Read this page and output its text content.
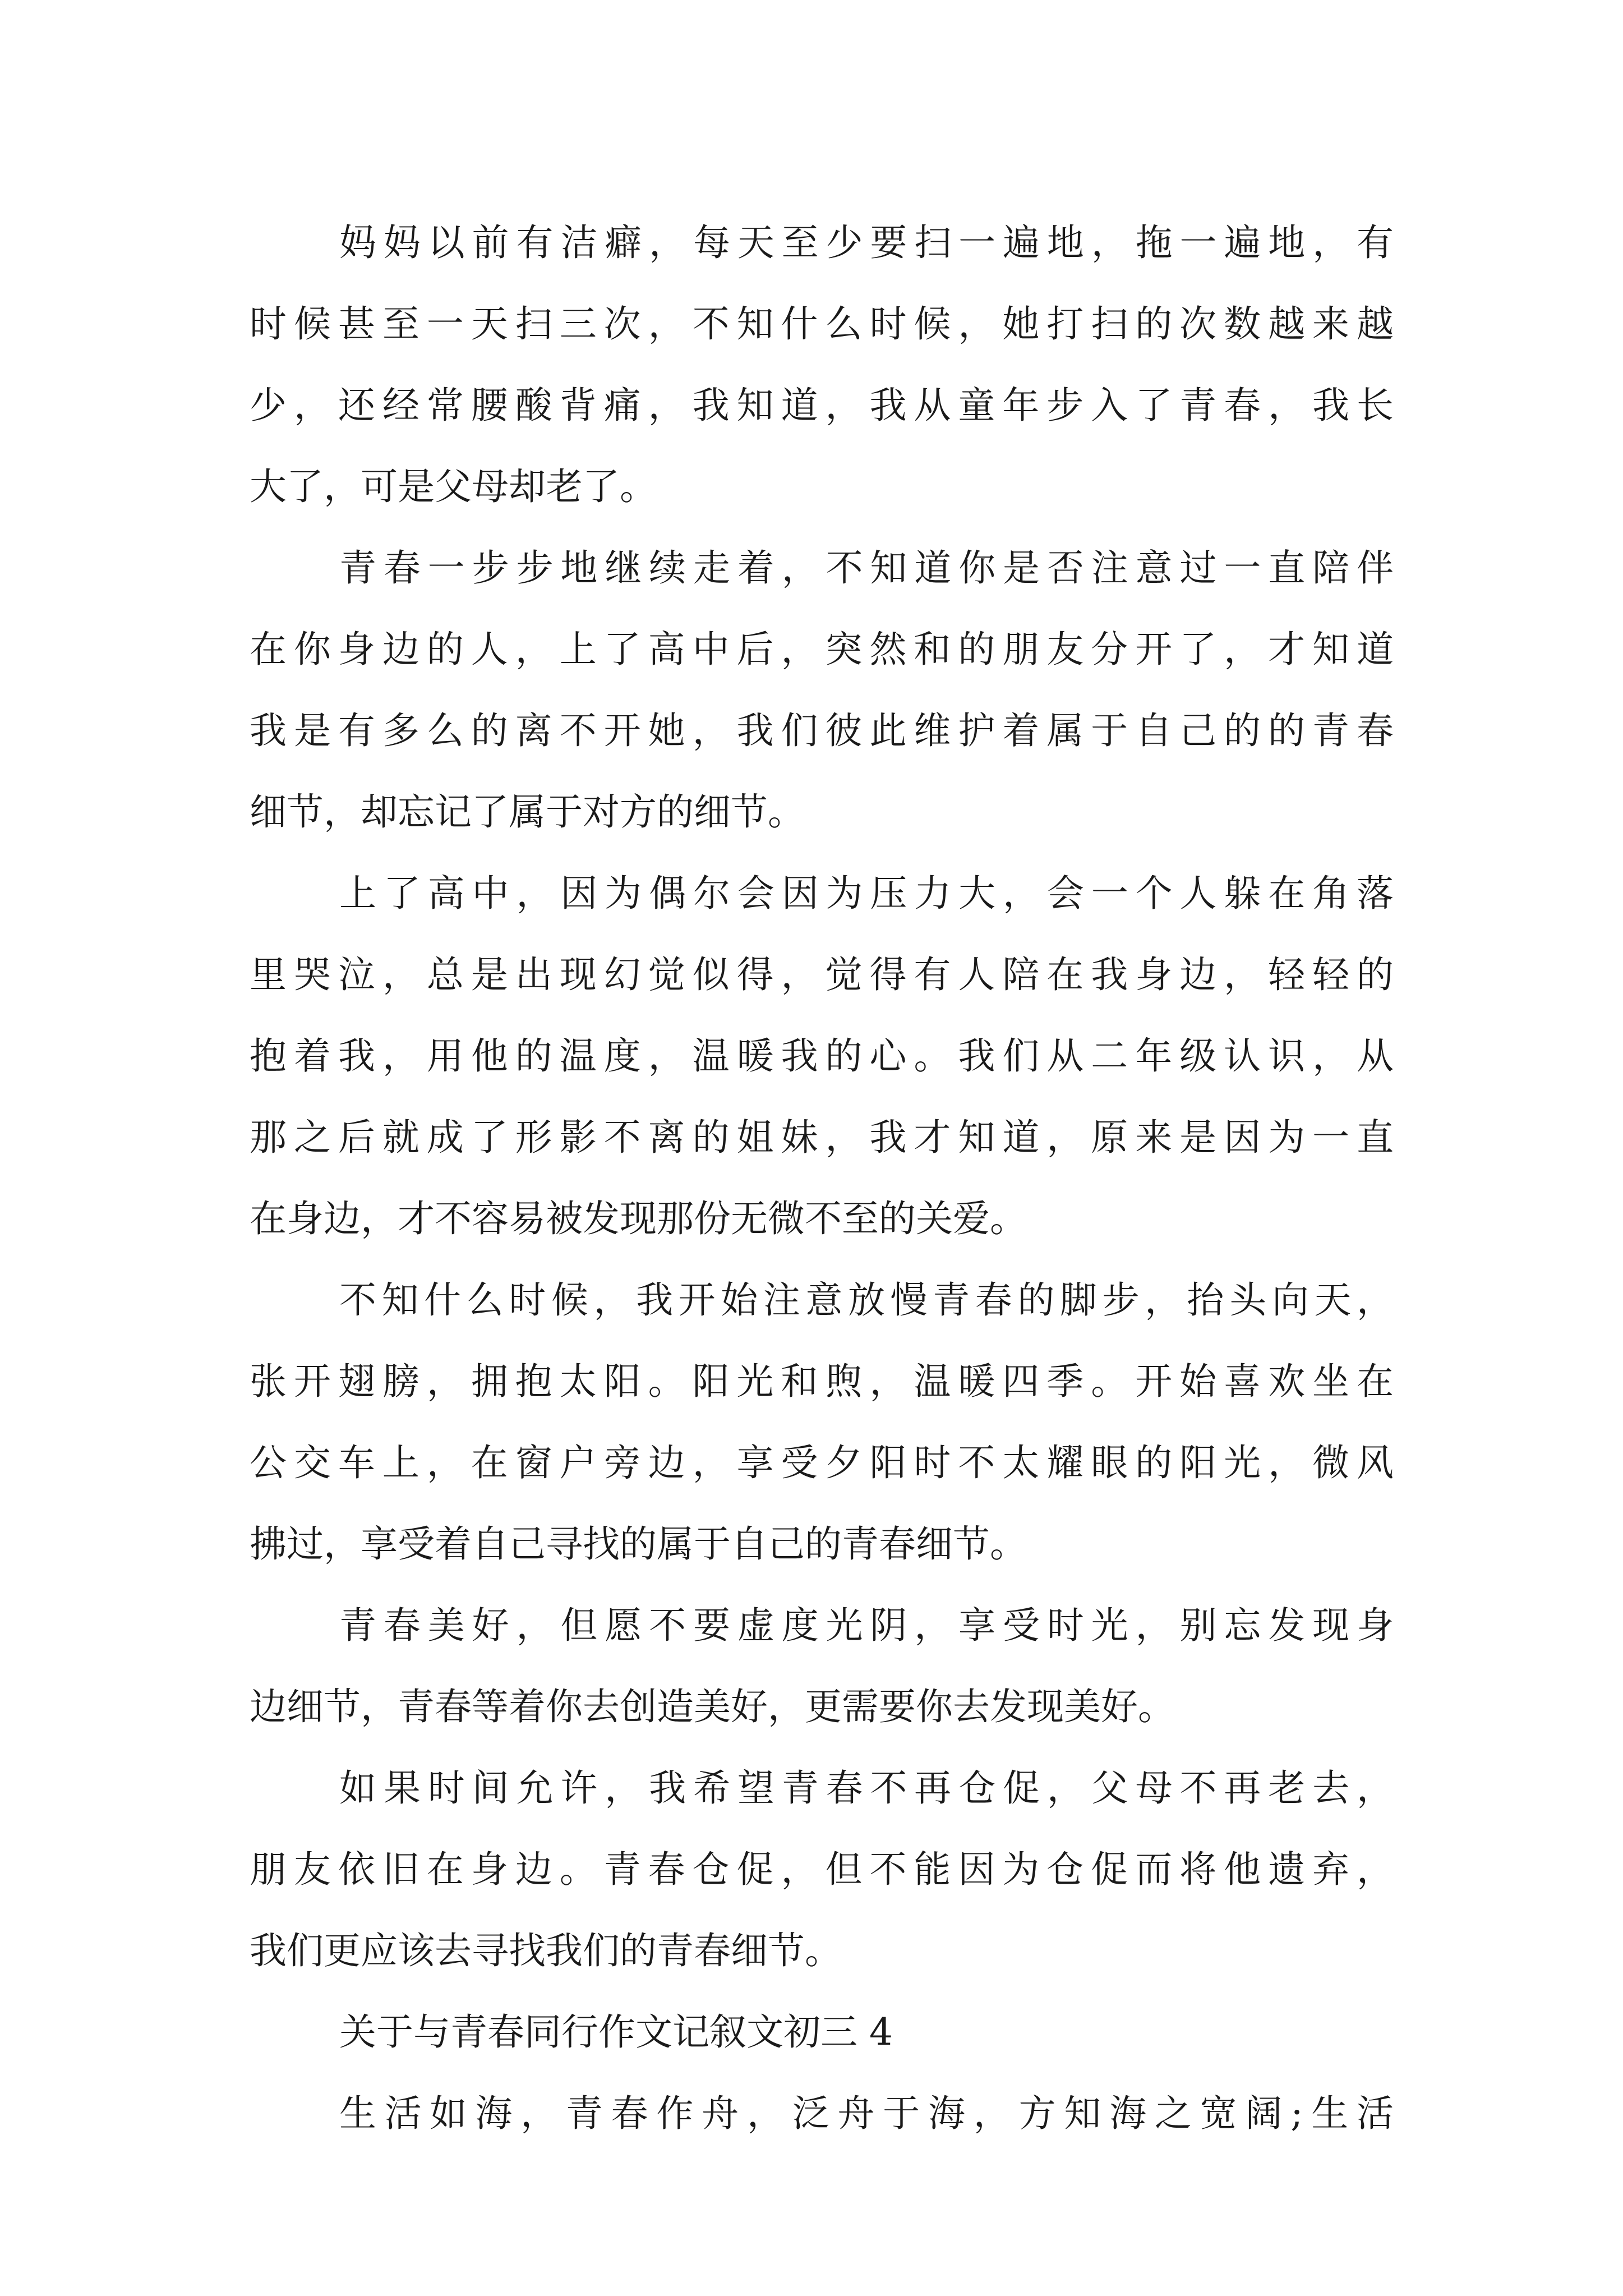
妈妈以前有洁癖，每天至少要扫一遍地，拖一遍地，有
时候甚至一天扫三次，不知什么时候，她打扫的次数越来越
少，还经常腰酸背痛，我知道，我从童年步入了青春，我长
大了，可是父母却老了。
青春一步步地继续走着，不知道你是否注意过一直陪伴
在你身边的人，上了高中后，突然和的朋友分开了，才知道
我是有多么的离不开她，我们彼此维护着属于自己的的青春
细节，却忘记了属于对方的细节。
上了高中，因为偶尔会因为压力大，会一个人躲在角落
里哭泣，总是出现幻觉似得，觉得有人陪在我身边，轻轻的
抱着我，用他的温度，温暖我的心。我们从二年级认识，从
那之后就成了形影不离的姐妹，我才知道，原来是因为一直
在身边，才不容易被发现那份无微不至的关爱。
不知什么时候，我开始注意放慢青春的脚步，抬头向天，
张开翅膀，拥抱太阳。阳光和煦，温暖四季。开始喜欢坐在
公交车上，在窗户旁边，享受夕阳时不太耀眼的阳光，微风
拂过，享受着自己寻找的属于自己的青春细节。
青春美好，但愿不要虚度光阴，享受时光，别忘发现身
边细节，青春等着你去创造美好，更需要你去发现美好。
如果时间允许，我希望青春不再仓促，父母不再老去，
朋友依旧在身边。青春仓促，但不能因为仓促而将他遗弃，
我们更应该去寻找我们的青春细节。
关于与青春同行作文记叙文初三 4
生活如海，青春作舟，泛舟于海，方知海之宽阔;生活
